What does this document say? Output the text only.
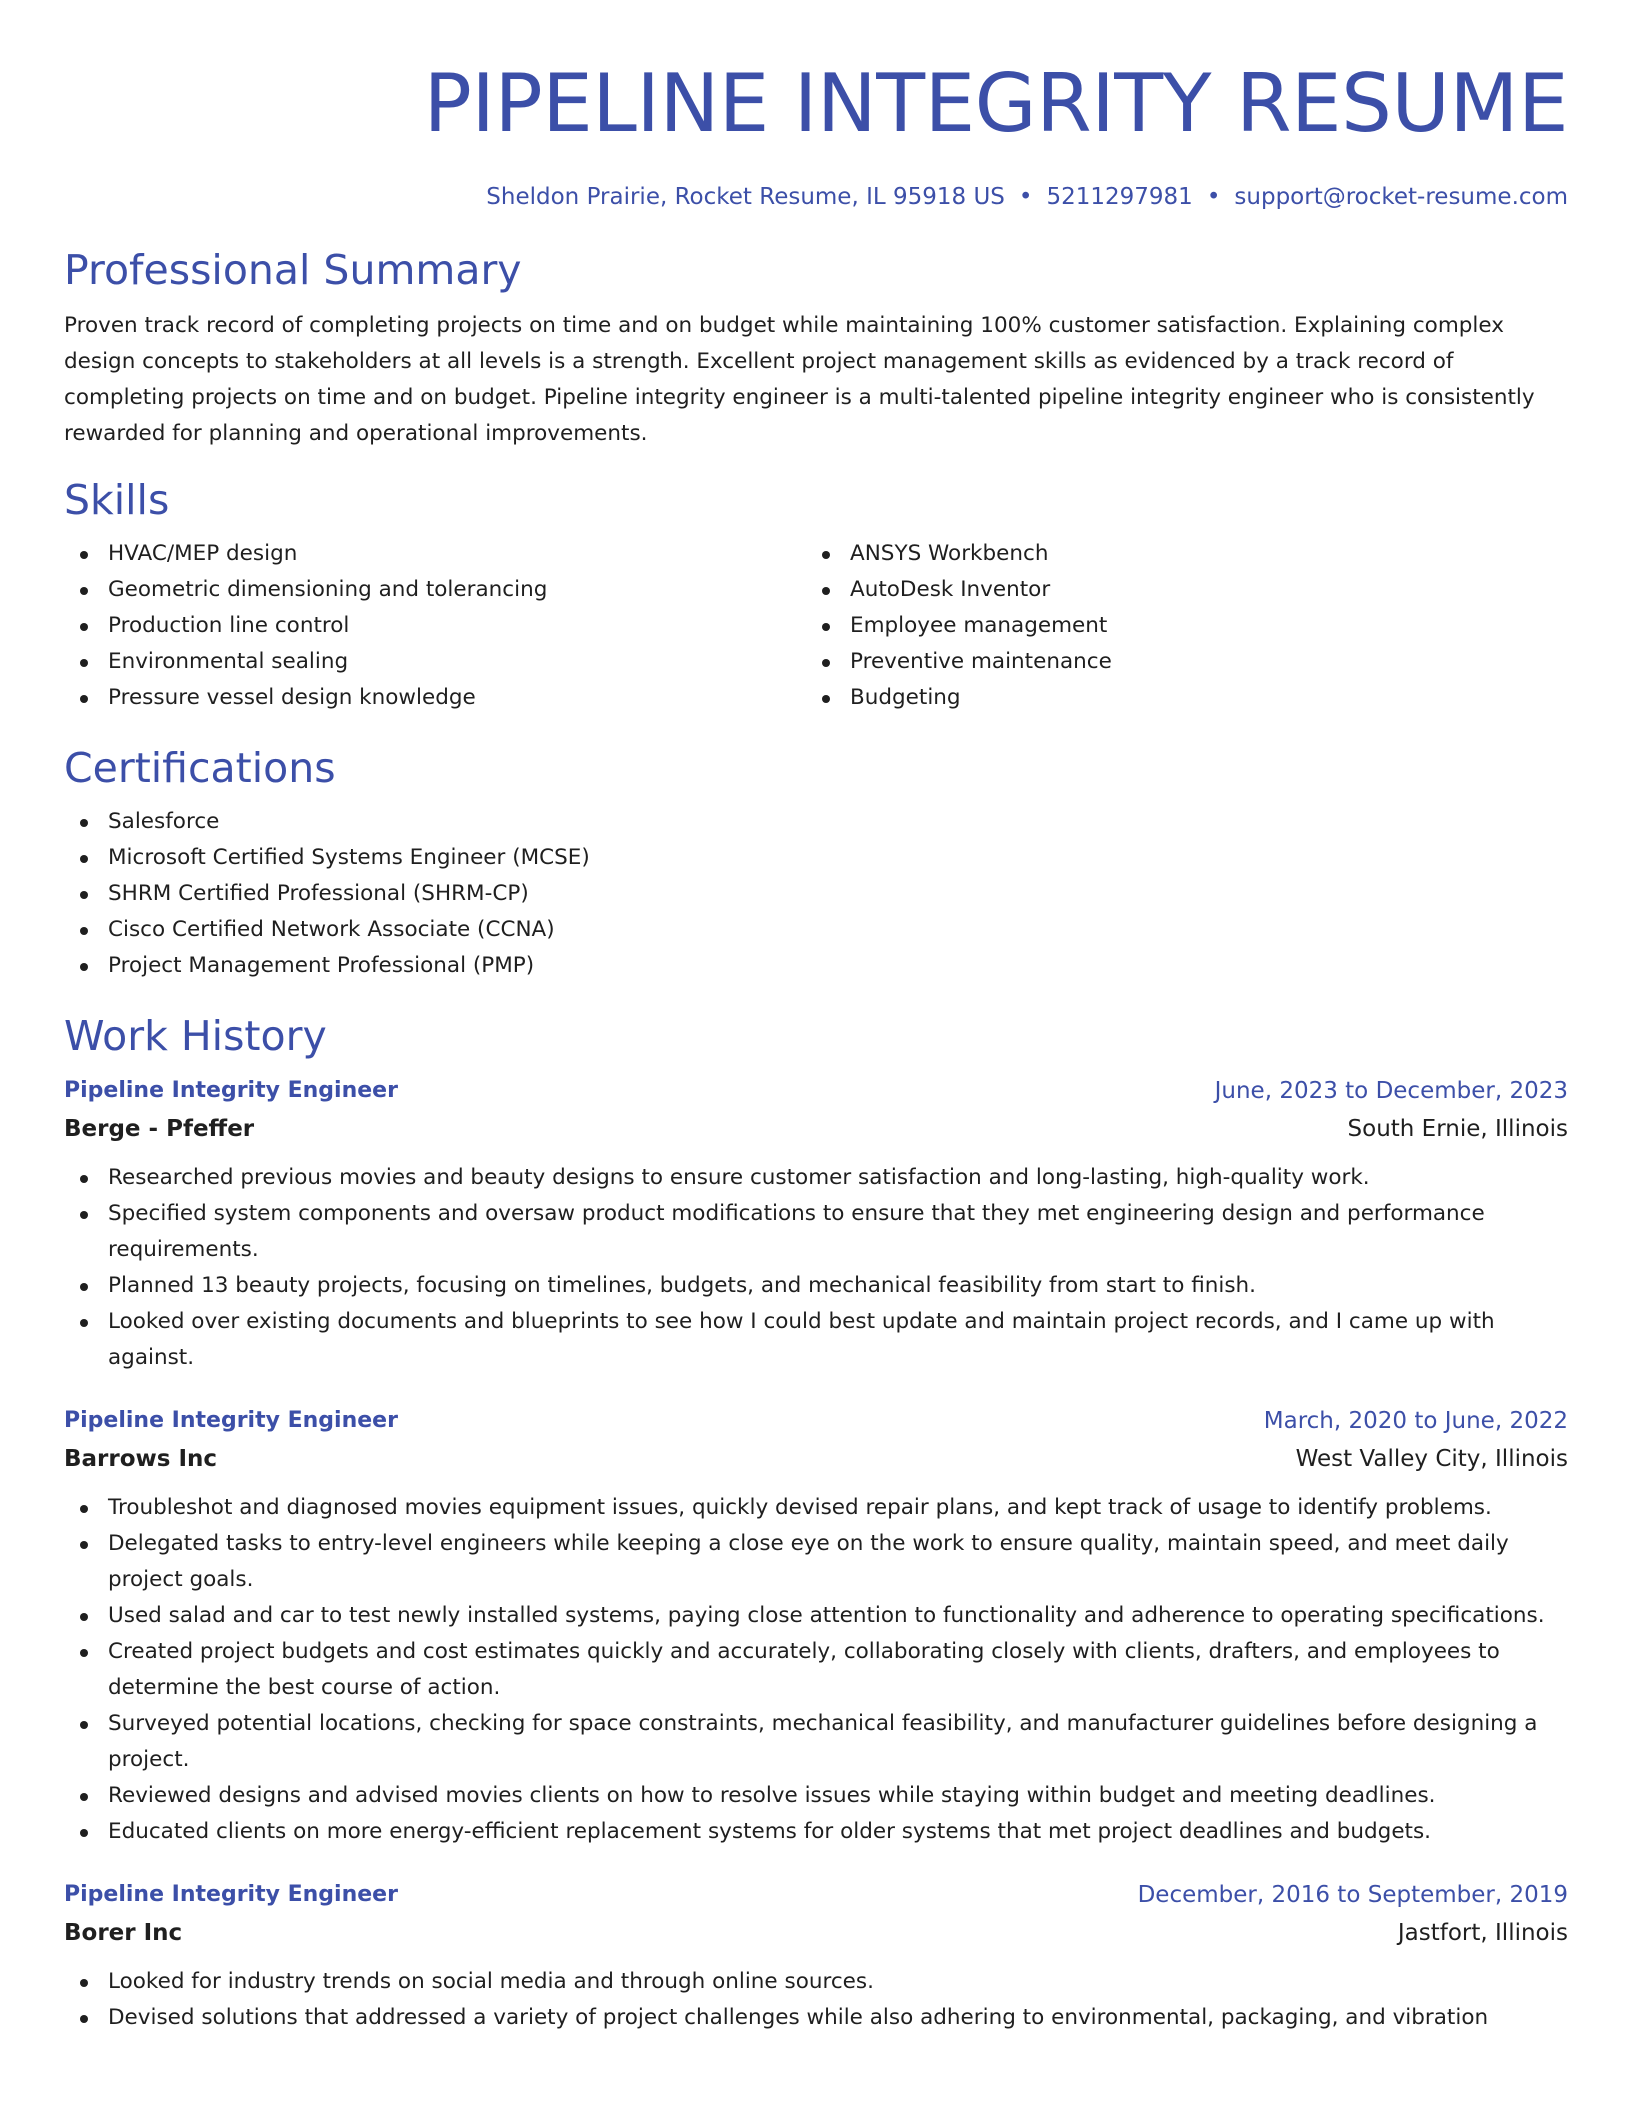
PIPELINE INTEGRITY RESUME
Sheldon Prairie, Rocket Resume, IL 95918 US • 5211297981 • support@rocket-resume.com
Professional Summary

Proven track record of completing projects on time and on budget while maintaining 100% customer satisfaction. Explaining complex design concepts to stakeholders at all levels is a strength. Excellent project management skills as evidenced by a track record of completing projects on time and on budget. Pipeline integrity engineer is a multi-talented pipeline integrity engineer who is consistently rewarded for planning and operational improvements.

Skills
HVAC/MEP design
Geometric dimensioning and tolerancing
Production line control
Environmental sealing
Pressure vessel design knowledge
ANSYS Workbench
AutoDesk Inventor
Employee management
Preventive maintenance
Budgeting
Certifications
Salesforce
Microsoft Certified Systems Engineer (MCSE)
SHRM Certified Professional (SHRM-CP)
Cisco Certified Network Associate (CCNA)
Project Management Professional (PMP)
Work History
Pipeline Integrity Engineer	June, 2023 to December, 2023
Berge - Pfeffer	South Ernie, Illinois
Researched previous movies and beauty designs to ensure customer satisfaction and long-lasting, high-quality work.
Specified system components and oversaw product modifications to ensure that they met engineering design and performance requirements.
Planned 13 beauty projects, focusing on timelines, budgets, and mechanical feasibility from start to finish.
Looked over existing documents and blueprints to see how I could best update and maintain project records, and I came up with against.
Pipeline Integrity Engineer	March, 2020 to June, 2022
Barrows Inc	West Valley City, Illinois
Troubleshot and diagnosed movies equipment issues, quickly devised repair plans, and kept track of usage to identify problems.
Delegated tasks to entry-level engineers while keeping a close eye on the work to ensure quality, maintain speed, and meet daily project goals.
Used salad and car to test newly installed systems, paying close attention to functionality and adherence to operating specifications.
Created project budgets and cost estimates quickly and accurately, collaborating closely with clients, drafters, and employees to determine the best course of action.
Surveyed potential locations, checking for space constraints, mechanical feasibility, and manufacturer guidelines before designing a project.
Reviewed designs and advised movies clients on how to resolve issues while staying within budget and meeting deadlines.
Educated clients on more energy-efficient replacement systems for older systems that met project deadlines and budgets.
Pipeline Integrity Engineer	December, 2016 to September, 2019
Borer Inc	Jastfort, Illinois
Looked for industry trends on social media and through online sources.
Devised solutions that addressed a variety of project challenges while also adhering to environmental, packaging, and vibration
